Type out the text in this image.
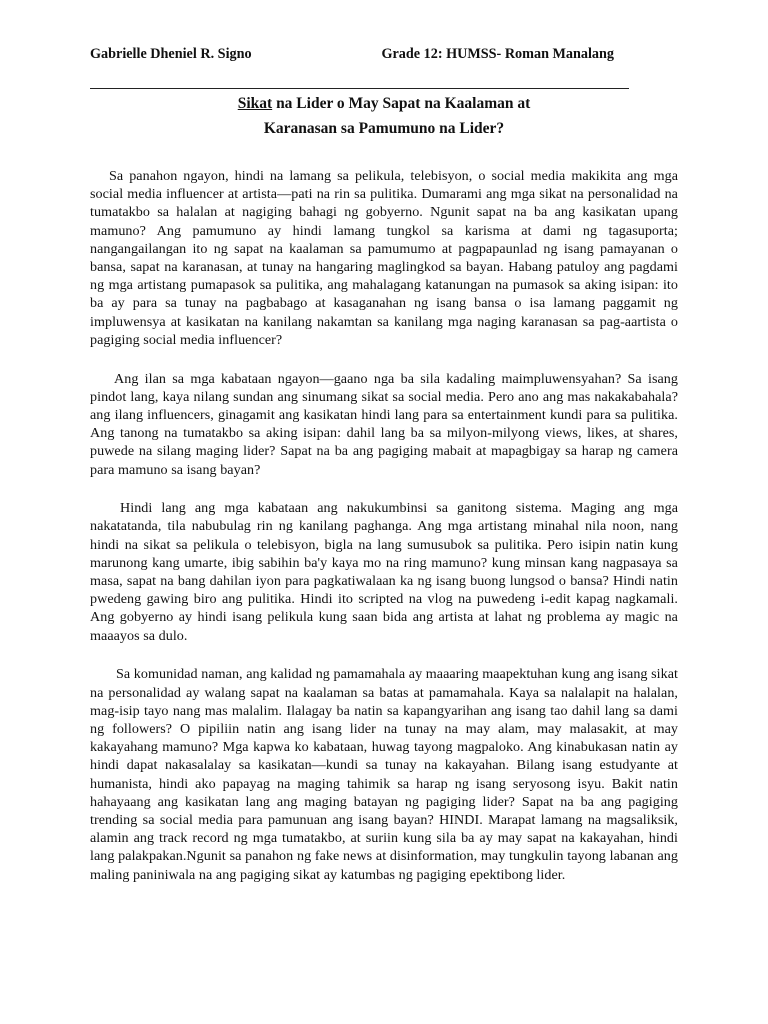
Gabrielle Dheniel R. Signo	Grade 12: HUMSS- Roman Manalang
Sikat na Lider o May Sapat na Kaalaman at
Karanasan sa Pamumuno na Lider?

Sa panahon ngayon, hindi na lamang sa pelikula, telebisyon, o social media makikita ang mga social media influencer at artista—pati na rin sa pulitika. Dumarami ang mga sikat na personalidad na tumatakbo sa halalan at nagiging bahagi ng gobyerno. Ngunit sapat na ba ang kasikatan upang mamuno? Ang pamumuno ay hindi lamang tungkol sa karisma at dami ng tagasuporta; nangangailangan ito ng sapat na kaalaman sa pamumumo at pagpapaunlad ng isang pamayanan o bansa, sapat na karanasan, at tunay na hangaring maglingkod sa bayan. Habang patuloy ang pagdami ng mga artistang pumapasok sa pulitika, ang mahalagang katanungan na pumasok sa aking isipan: ito ba ay para sa tunay na pagbabago at kasaganahan ng isang bansa o isa lamang paggamit ng impluwensya at kasikatan na kanilang nakamtan sa kanilang mga naging karanasan sa pag-aartista o pagiging social media influencer?

Ang ilan sa mga kabataan ngayon—gaano nga ba sila kadaling maimpluwensyahan? Sa isang pindot lang, kaya nilang sundan ang sinumang sikat sa social media. Pero ano ang mas nakakabahala? ang ilang influencers, ginagamit ang kasikatan hindi lang para sa entertainment kundi para sa pulitika. Ang tanong na tumatakbo sa aking isipan: dahil lang ba sa milyon-milyong views, likes, at shares, puwede na silang maging lider? Sapat na ba ang pagiging mabait at mapagbigay sa harap ng camera para mamuno sa isang bayan?

Hindi lang ang mga kabataan ang nakukumbinsi sa ganitong sistema. Maging ang mga nakatatanda, tila nabubulag rin ng kanilang paghanga. Ang mga artistang minahal nila noon, nang hindi na sikat sa pelikula o telebisyon, bigla na lang sumusubok sa pulitika. Pero isipin natin kung marunong kang umarte, ibig sabihin ba'y kaya mo na ring mamuno? kung minsan kang nagpasaya sa masa, sapat na bang dahilan iyon para pagkatiwalaan ka ng isang buong lungsod o bansa? Hindi natin pwedeng gawing biro ang pulitika. Hindi ito scripted na vlog na puwedeng i-edit kapag nagkamali. Ang gobyerno ay hindi isang pelikula kung saan bida ang artista at lahat ng problema ay magic na maaayos sa dulo.

Sa komunidad naman, ang kalidad ng pamamahala ay maaaring maapektuhan kung ang isang sikat na personalidad ay walang sapat na kaalaman sa batas at pamamahala. Kaya sa nalalapit na halalan, mag-isip tayo nang mas malalim. Ilalagay ba natin sa kapangyarihan ang isang tao dahil lang sa dami ng followers? O pipiliin natin ang isang lider na tunay na may alam, may malasakit, at may kakayahang mamuno? Mga kapwa ko kabataan, huwag tayong magpaloko. Ang kinabukasan natin ay hindi dapat nakasalalay sa kasikatan—kundi sa tunay na kakayahan. Bilang isang estudyante at humanista, hindi ako papayag na maging tahimik sa harap ng isang seryosong isyu. Bakit natin hahayaang ang kasikatan lang ang maging batayan ng pagiging lider? Sapat na ba ang pagiging trending sa social media para pamunuan ang isang bayan? HINDI. Marapat lamang na magsaliksik, alamin ang track record ng mga tumatakbo, at suriin kung sila ba ay may sapat na kakayahan, hindi lang palakpakan.Ngunit sa panahon ng fake news at disinformation, may tungkulin tayong labanan ang maling paniniwala na ang pagiging sikat ay katumbas ng pagiging epektibong lider.
